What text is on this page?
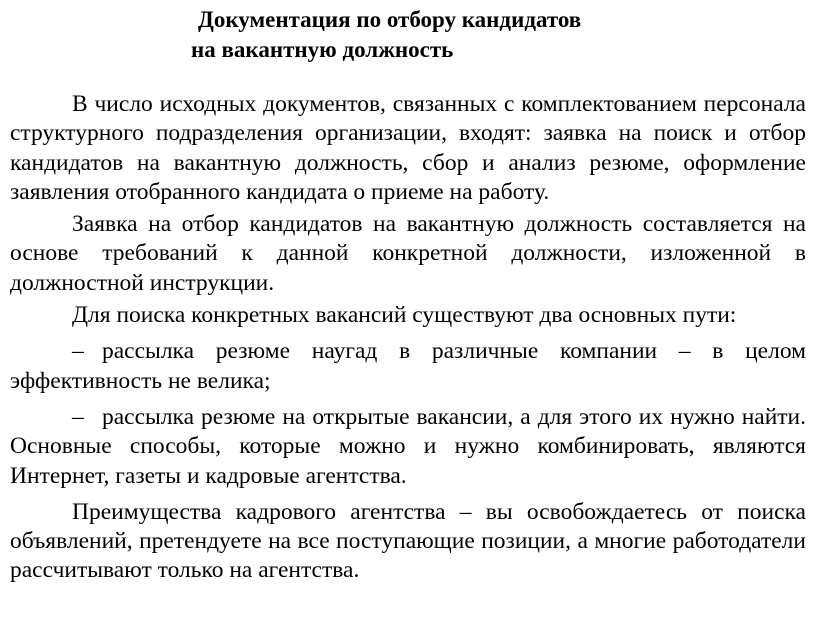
Документация по отбору кандидатов
на вакантную должность

В число исходных документов, связанных с комплектованием персонала структурного подразделения организации, входят: заявка на поиск и отбор кандидатов на вакантную должность, сбор и анализ резюме, оформление заявления отобранного кандидата о приеме на работу.

Заявка на отбор кандидатов на вакантную должность составляется на основе требований к данной конкретной должности, изложенной в должностной инструкции.

Для поиска конкретных вакансий существуют два основных пути:

– рассылка резюме наугад в различные компании – в целом эффективность не велика;

– рассылка резюме на открытые вакансии, а для этого их нужно найти. Основные способы, которые можно и нужно комбинировать, являются Интернет, газеты и кадровые агентства.

Преимущества кадрового агентства – вы освобождаетесь от поиска объявлений, претендуете на все поступающие позиции, а многие работодатели рассчитывают только на агентства.
